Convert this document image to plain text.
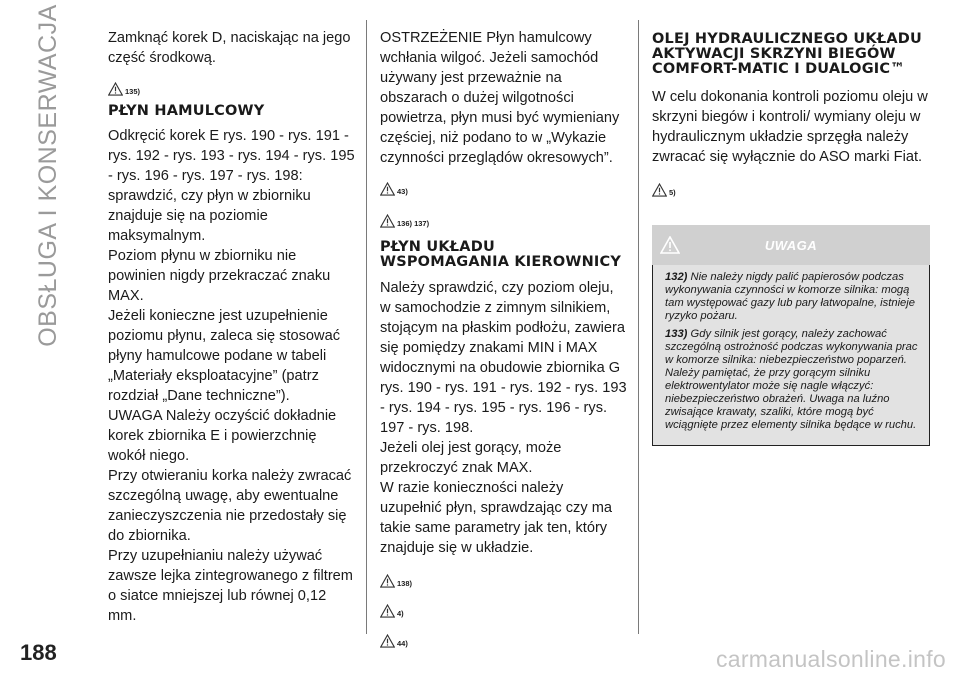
OBSŁUGA I KONSERWACJA	Zamknąć korek D, naciskając na jego część środkową.

135)
PŁYN HAMULCOWY

Odkręcić korek E rys. 190 - rys. 191 - rys. 192 - rys. 193 - rys. 194 - rys. 195 - rys. 196 - rys. 197 - rys. 198: sprawdzić, czy płyn w zbiorniku znajduje się na poziomie maksymalnym.

Poziom płynu w zbiorniku nie powinien nigdy przekraczać znaku MAX.

Jeżeli konieczne jest uzupełnienie poziomu płynu, zaleca się stosować płyny hamulcowe podane w tabeli „Materiały eksploatacyjne” (patrz rozdział „Dane techniczne”).

UWAGA Należy oczyścić dokładnie korek zbiornika E i powierzchnię wokół niego.

Przy otwieraniu korka należy zwracać szczególną uwagę, aby ewentualne zanieczyszczenia nie przedostały się do zbiornika.

Przy uzupełnianiu należy używać zawsze lejka zintegrowanego z filtrem o siatce mniejszej lub równej 0,12 mm.

OSTRZEŻENIE Płyn hamulcowy wchłania wilgoć. Jeżeli samochód używany jest przeważnie na obszarach o dużej wilgotności powietrza, płyn musi być wymieniany częściej, niż podano to w „Wykazie czynności przeglądów okresowych”.

43)
136) 137)
PŁYN UKŁADU WSPOMAGANIA KIEROWNICY

Należy sprawdzić, czy poziom oleju, w samochodzie z zimnym silnikiem, stojącym na płaskim podłożu, zawiera się pomiędzy znakami MIN i MAX widocznymi na obudowie zbiornika G rys. 190 - rys. 191 - rys. 192 - rys. 193 - rys. 194 - rys. 195 - rys. 196 - rys. 197 - rys. 198.

Jeżeli olej jest gorący, może przekroczyć znak MAX.

W razie konieczności należy uzupełnić płyn, sprawdzając czy ma takie same parametry jak ten, który znajduje się w układzie.

138)
4)
44)
OLEJ HYDRAULICZNEGO UKŁADU AKTYWACJI SKRZYNI BIEGÓW COMFORT-MATIC I DUALOGIC™

W celu dokonania kontroli poziomu oleju w skrzyni biegów i kontroli/ wymiany oleju w hydraulicznym układzie sprzęgła należy zwracać się wyłącznie do ASO marki Fiat.

5)
UWAGA

132) Nie należy nigdy palić papierosów podczas wykonywania czynności w komorze silnika: mogą tam występować gazy lub pary łatwopalne, istnieje ryzyko pożaru.

133) Gdy silnik jest gorący, należy zachować szczególną ostrożność podczas wykonywania prac w komorze silnika: niebezpieczeństwo poparzeń. Należy pamiętać, że przy gorącym silniku elektrowentylator może się nagle włączyć: niebezpieczeństwo obrażeń. Uwaga na luźno zwisające krawaty, szaliki, które mogą być wciągnięte przez elementy silnika będące w ruchu.

188	carmanualsonline.info
